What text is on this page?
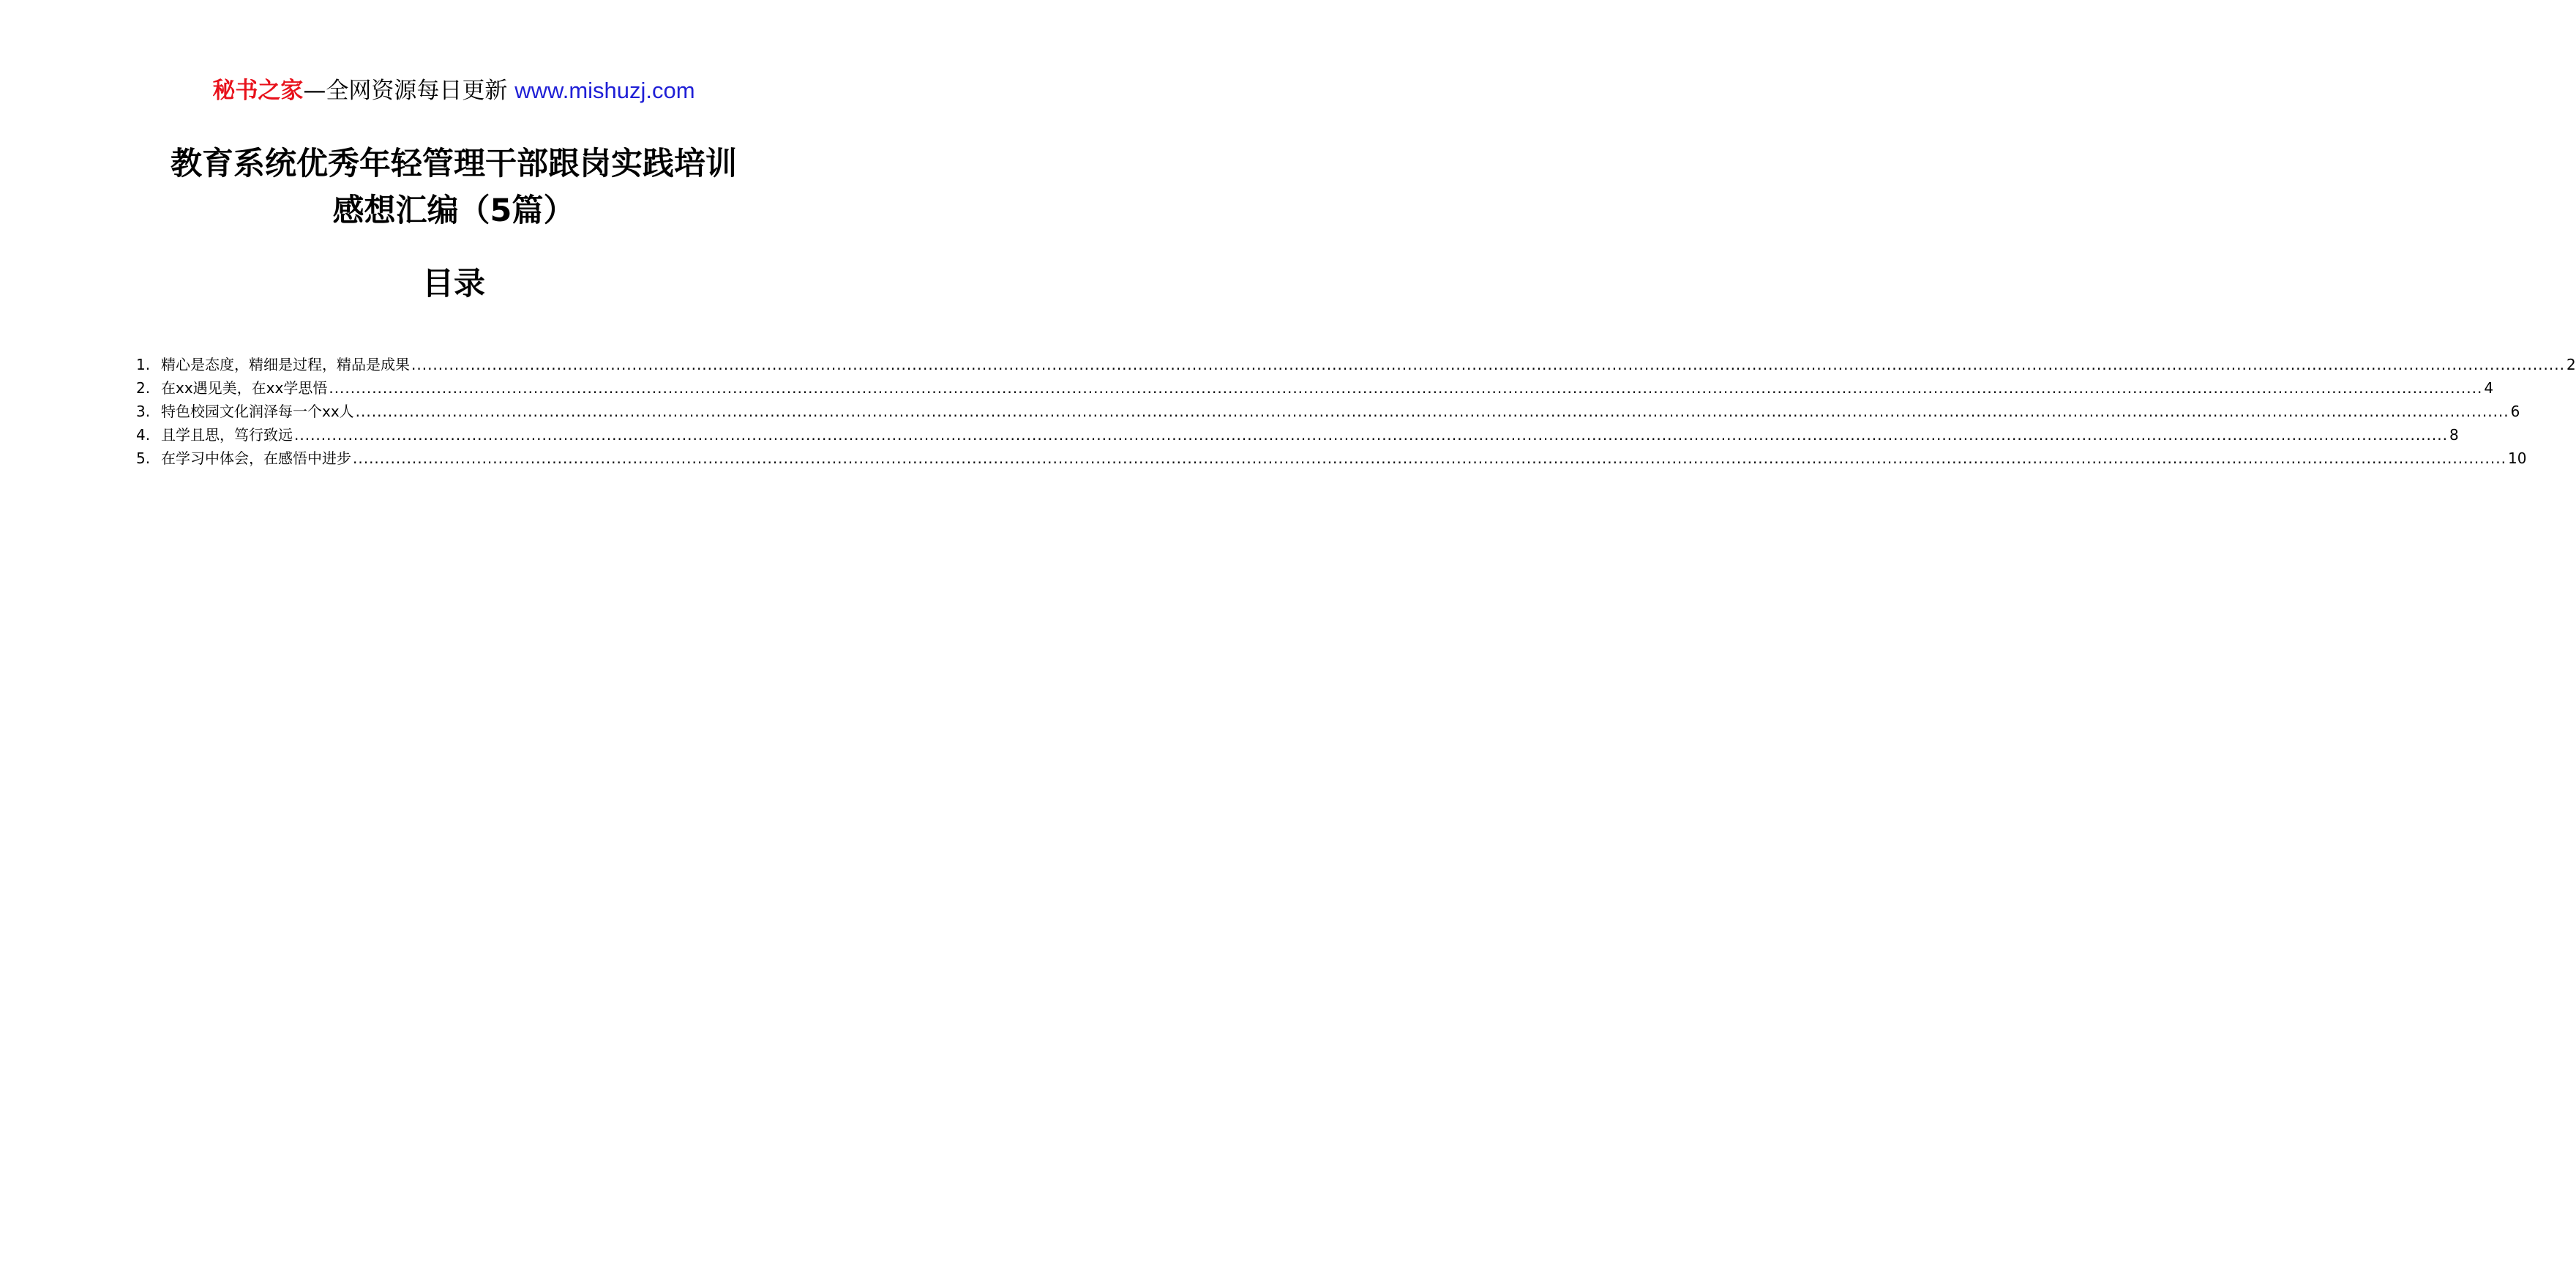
秘书之家—全网资源每日更新 www.mishuzj.com
教育系统优秀年轻管理干部跟岗实践培训
感想汇编（5篇）
目录
1. 精心是态度，精细是过程，精品是成果 ................................................................................................................................................................................................................................................................................................................................................................................................................ 2
2. 在xx遇见美，在xx学思悟 ................................................................................................................................................................................................................................................................................................................................................................................................................ 4
3. 特色校园文化润泽每一个xx人 ................................................................................................................................................................................................................................................................................................................................................................................................................ 6
4. 且学且思，笃行致远 ................................................................................................................................................................................................................................................................................................................................................................................................................ 8
5. 在学习中体会，在感悟中进步 ................................................................................................................................................................................................................................................................................................................................................................................................................ 10
